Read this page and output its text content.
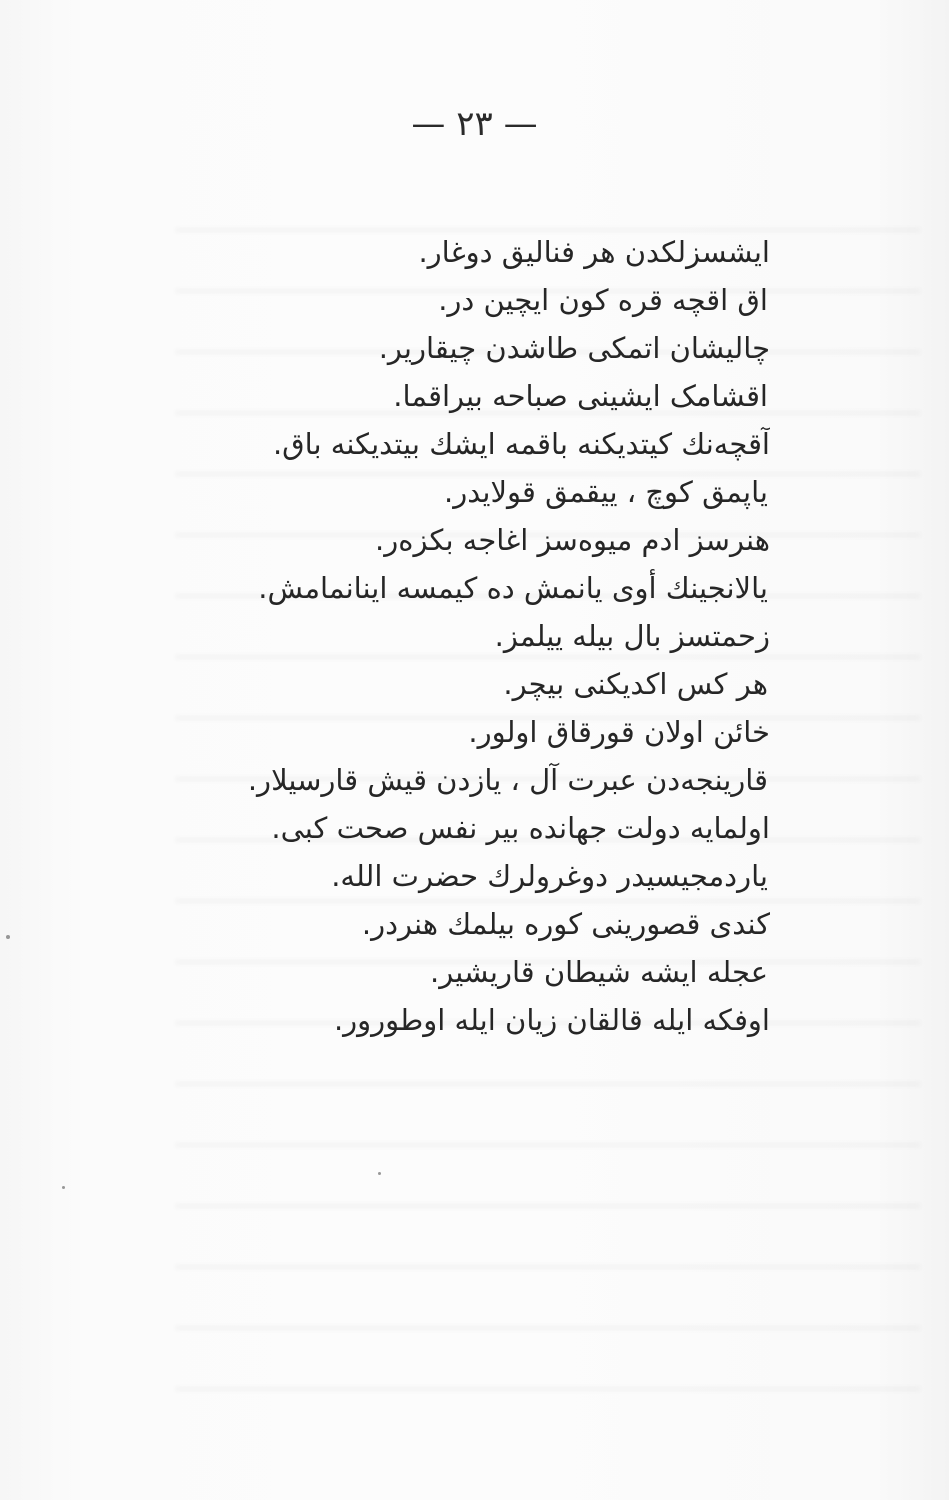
— ٢٣ —
ایشسزلکدن هر فنالیق دوغار.
اق اقچه قره کون ایچین در.
چالیشان اتمکی طاشدن چیقاریر.
اقشامک ایشینی صباحه بیراقما.
آقچه‌نك کیتدیکنه باقمه ایشك بیتدیکنه باق.
یاپمق کوچ ، ییقمق قولایدر.
هنرسز ادم میوه‌سز اغاجه بکزه‌ر.
یالانجینك أوی یانمش ده کیمسه اینانمامش.
زحمتسز بال بیله ییلمز.
هر کس اکدیکنی بیچر.
خائن اولان قورقاق اولور.
قارینجه‌دن عبرت آل ، یازدن قیش قارسیلار.
اولمایه دولت جهانده بیر نفس صحت کبی.
یاردمجیسیدر دوغرولرك حضرت الله.
کندی قصورینی کوره بیلمك هنردر.
عجله ایشه شیطان قاریشیر.
اوفکه ایله قالقان زیان ایله اوطورور.
